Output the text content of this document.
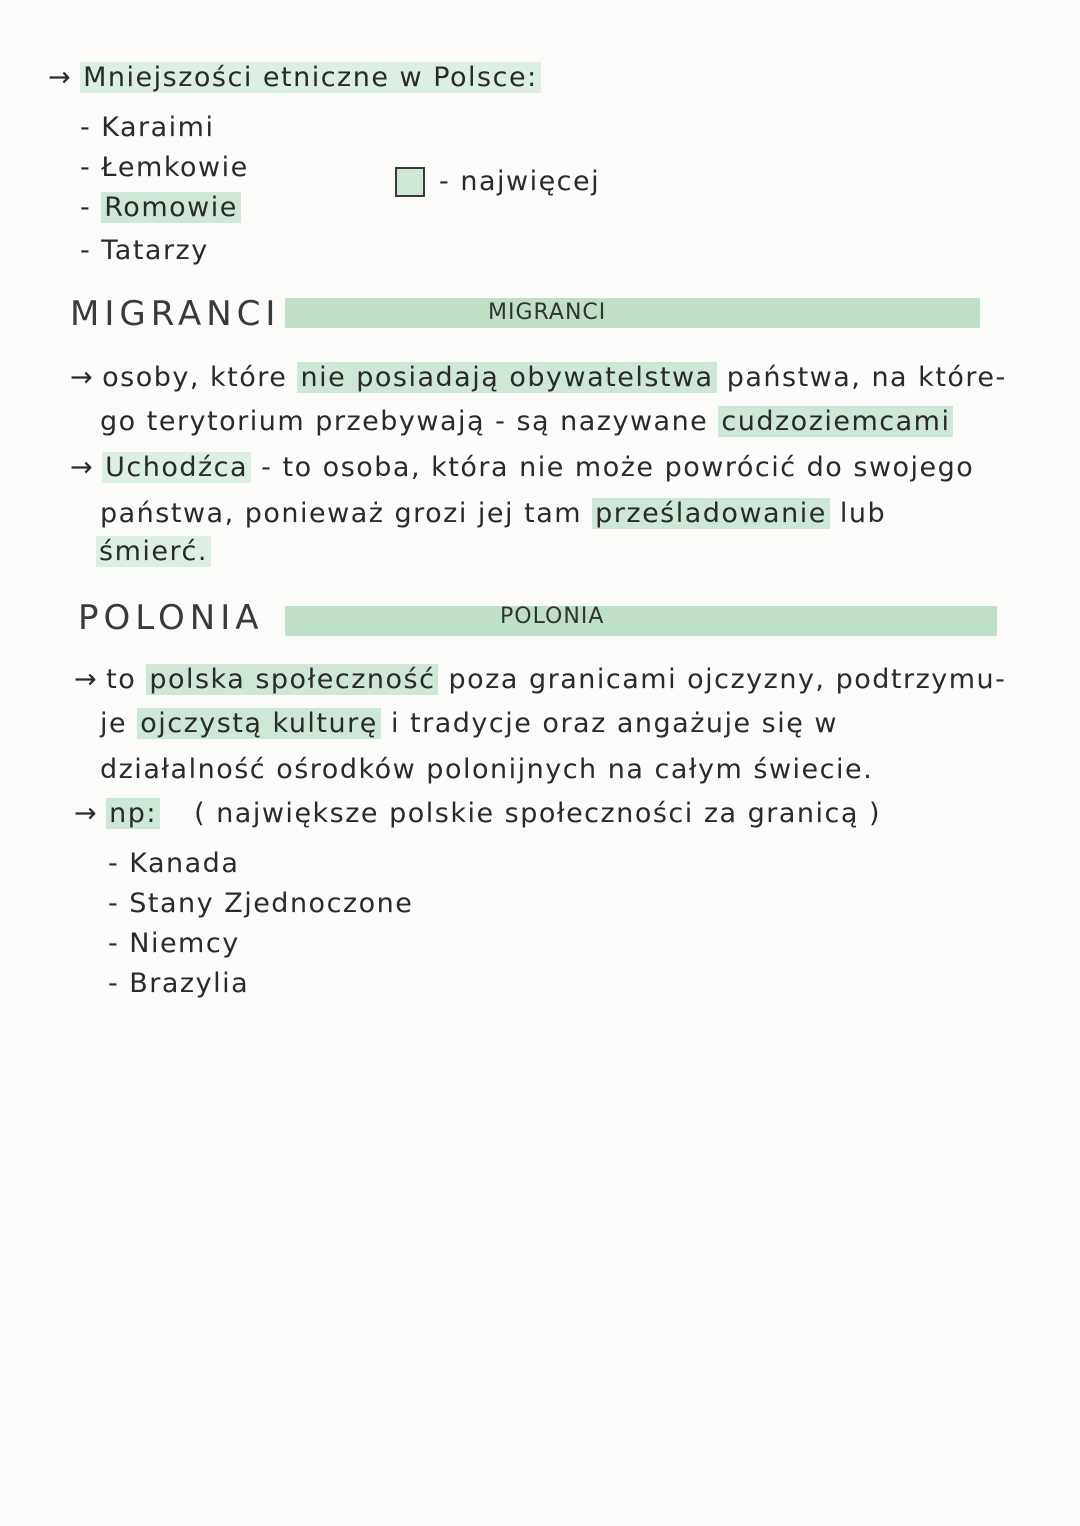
→ Mniejszości etniczne w Polsce:
- Karaimi
- Łemkowie
- Romowie
- Tatarzy
- najwięcej
MIGRANCI
MIGRANCI
→ osoby, które nie posiadają obywatelstwa państwa, na które-
go terytorium przebywają - są nazywane cudzoziemcami
→ Uchodźca - to osoba, która nie może powrócić do swojego
państwa, ponieważ grozi jej tam prześladowanie lub
śmierć.
POLONIA
POLONIA
→ to polska społeczność poza granicami ojczyzny, podtrzymu-
je ojczystą kulturę i tradycje oraz angażuje się w
działalność ośrodków polonijnych na całym świecie.
→ np: ( największe polskie społeczności za granicą )
- Kanada
- Stany Zjednoczone
- Niemcy
- Brazylia
